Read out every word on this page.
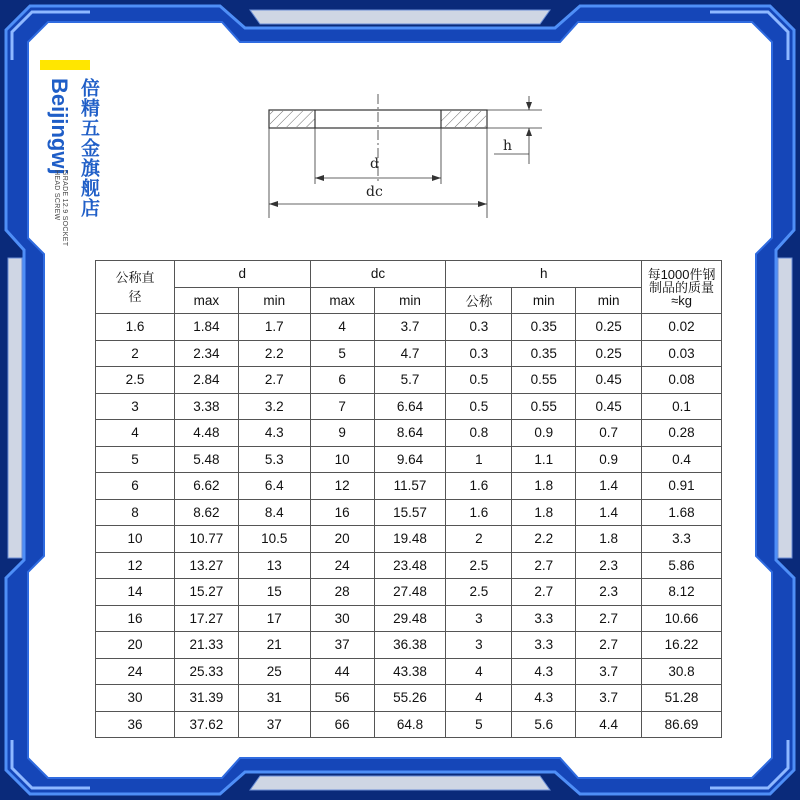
Beijingwj 倍精五金旗舰店
GRADE 12.9 SOCKET
HEAD SCREW
d
dc
h
公称直径	d		dc		h			每1000件钢制品的质量≈kg
	max	min	max	min	公称	min	min	
1.6	1.84	1.7	4	3.7	0.3	0.35	0.25	0.02
2	2.34	2.2	5	4.7	0.3	0.35	0.25	0.03
2.5	2.84	2.7	6	5.7	0.5	0.55	0.45	0.08
3	3.38	3.2	7	6.64	0.5	0.55	0.45	0.1
4	4.48	4.3	9	8.64	0.8	0.9	0.7	0.28
5	5.48	5.3	10	9.64	1	1.1	0.9	0.4
6	6.62	6.4	12	11.57	1.6	1.8	1.4	0.91
8	8.62	8.4	16	15.57	1.6	1.8	1.4	1.68
10	10.77	10.5	20	19.48	2	2.2	1.8	3.3
12	13.27	13	24	23.48	2.5	2.7	2.3	5.86
14	15.27	15	28	27.48	2.5	2.7	2.3	8.12
16	17.27	17	30	29.48	3	3.3	2.7	10.66
20	21.33	21	37	36.38	3	3.3	2.7	16.22
24	25.33	25	44	43.38	4	4.3	3.7	30.8
30	31.39	31	56	55.26	4	4.3	3.7	51.28
36	37.62	37	66	64.8	5	5.6	4.4	86.69
